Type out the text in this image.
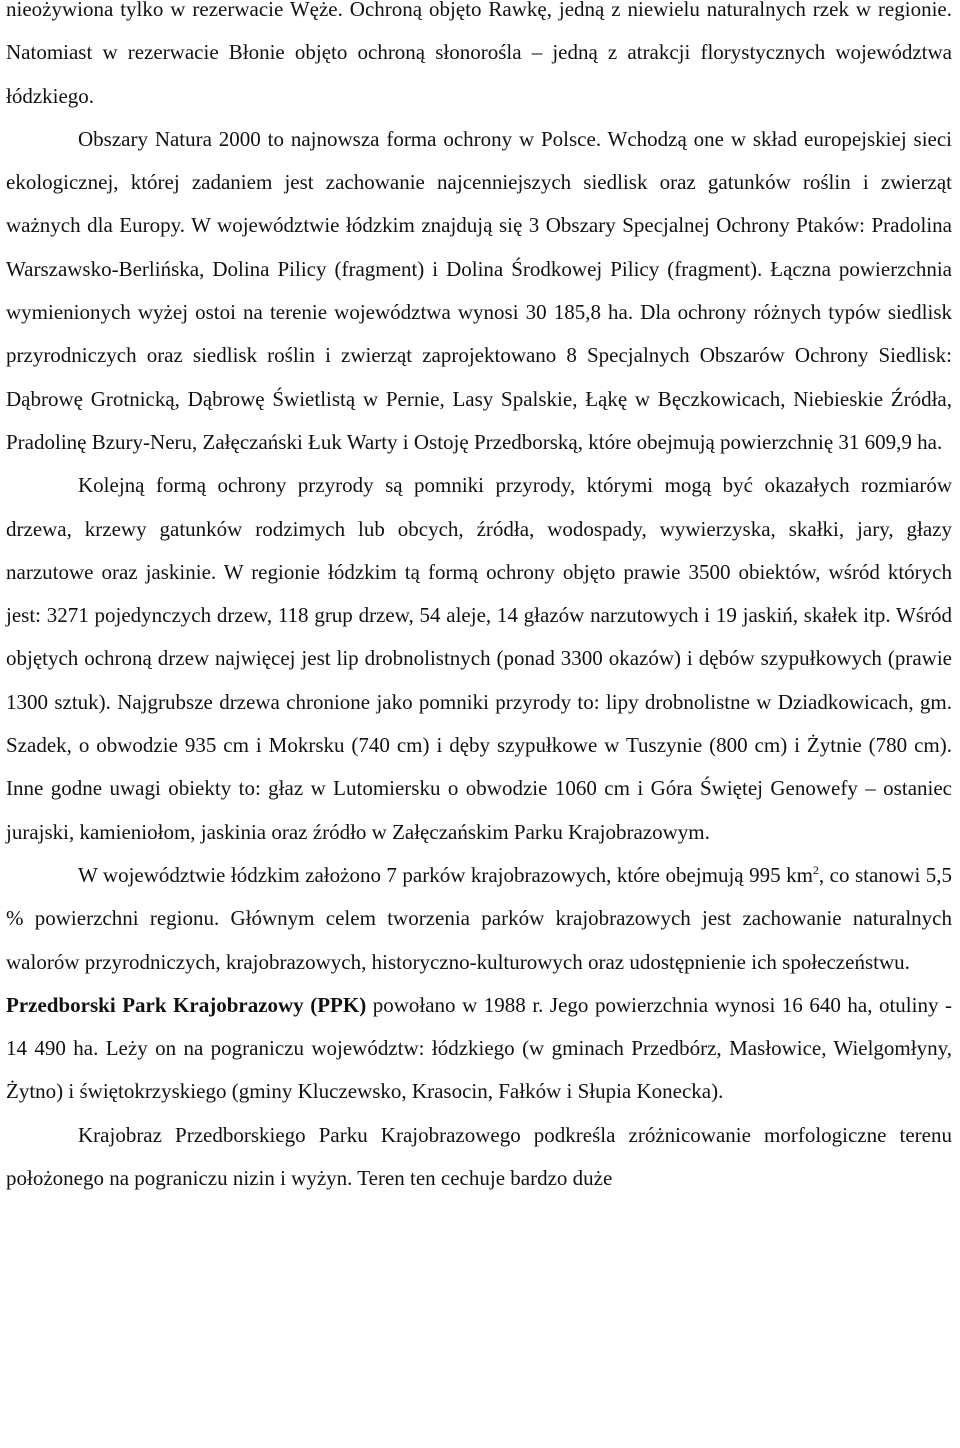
nieożywiona tylko w rezerwacie Węże. Ochroną objęto Rawkę, jedną z niewielu naturalnych rzek w regionie. Natomiast w rezerwacie Błonie objęto ochroną słonorośla – jedną z atrakcji florystycznych województwa łódzkiego.

Obszary Natura 2000 to najnowsza forma ochrony w Polsce. Wchodzą one w skład europejskiej sieci ekologicznej, której zadaniem jest zachowanie najcenniejszych siedlisk oraz gatunków roślin i zwierząt ważnych dla Europy. W województwie łódzkim znajdują się 3 Obszary Specjalnej Ochrony Ptaków: Pradolina Warszawsko-Berlińska, Dolina Pilicy (fragment) i Dolina Środkowej Pilicy (fragment). Łączna powierzchnia wymienionych wyżej ostoi na terenie województwa wynosi 30 185,8 ha. Dla ochrony różnych typów siedlisk przyrodniczych oraz siedlisk roślin i zwierząt zaprojektowano 8 Specjalnych Obszarów Ochrony Siedlisk: Dąbrowę Grotnicką, Dąbrowę Świetlistą w Pernie, Lasy Spalskie, Łąkę w Bęczkowicach, Niebieskie Źródła, Pradolinę Bzury-Neru, Załęczański Łuk Warty i Ostoję Przedborską, które obejmują powierzchnię 31 609,9 ha.

Kolejną formą ochrony przyrody są pomniki przyrody, którymi mogą być okazałych rozmiarów drzewa, krzewy gatunków rodzimych lub obcych, źródła, wodospady, wywierzyska, skałki, jary, głazy narzutowe oraz jaskinie. W regionie łódzkim tą formą ochrony objęto prawie 3500 obiektów, wśród których jest: 3271 pojedynczych drzew, 118 grup drzew, 54 aleje, 14 głazów narzutowych i 19 jaskiń, skałek itp. Wśród objętych ochroną drzew najwięcej jest lip drobnolistnych (ponad 3300 okazów) i dębów szypułkowych (prawie 1300 sztuk). Najgrubsze drzewa chronione jako pomniki przyrody to: lipy drobnolistne w Dziadkowicach, gm. Szadek, o obwodzie 935 cm i Mokrsku (740 cm) i dęby szypułkowe w Tuszynie (800 cm) i Żytnie (780 cm). Inne godne uwagi obiekty to: głaz w Lutomiersku o obwodzie 1060 cm i Góra Świętej Genowefy – ostaniec jurajski, kamieniołom, jaskinia oraz źródło w Załęczańskim Parku Krajobrazowym.

W województwie łódzkim założono 7 parków krajobrazowych, które obejmują 995 $km^2$, co stanowi 5,5 % powierzchni regionu. Głównym celem tworzenia parków krajobrazowych jest zachowanie naturalnych walorów przyrodniczych, krajobrazowych, historyczno-kulturowych oraz udostępnienie ich społeczeństwu.

Przedborski Park Krajobrazowy (PPK) powołano w 1988 r. Jego powierzchnia wynosi 16 640 ha, otuliny - 14 490 ha. Leży on na pograniczu województw: łódzkiego (w gminach Przedbórz, Masłowice, Wielgomłyny, Żytno) i świętokrzyskiego (gminy Kluczewsko, Krasocin, Fałków i Słupia Konecka).

Krajobraz Przedborskiego Parku Krajobrazowego podkreśla zróżnicowanie morfologiczne terenu położonego na pograniczu nizin i wyżyn. Teren ten cechuje bardzo duże
